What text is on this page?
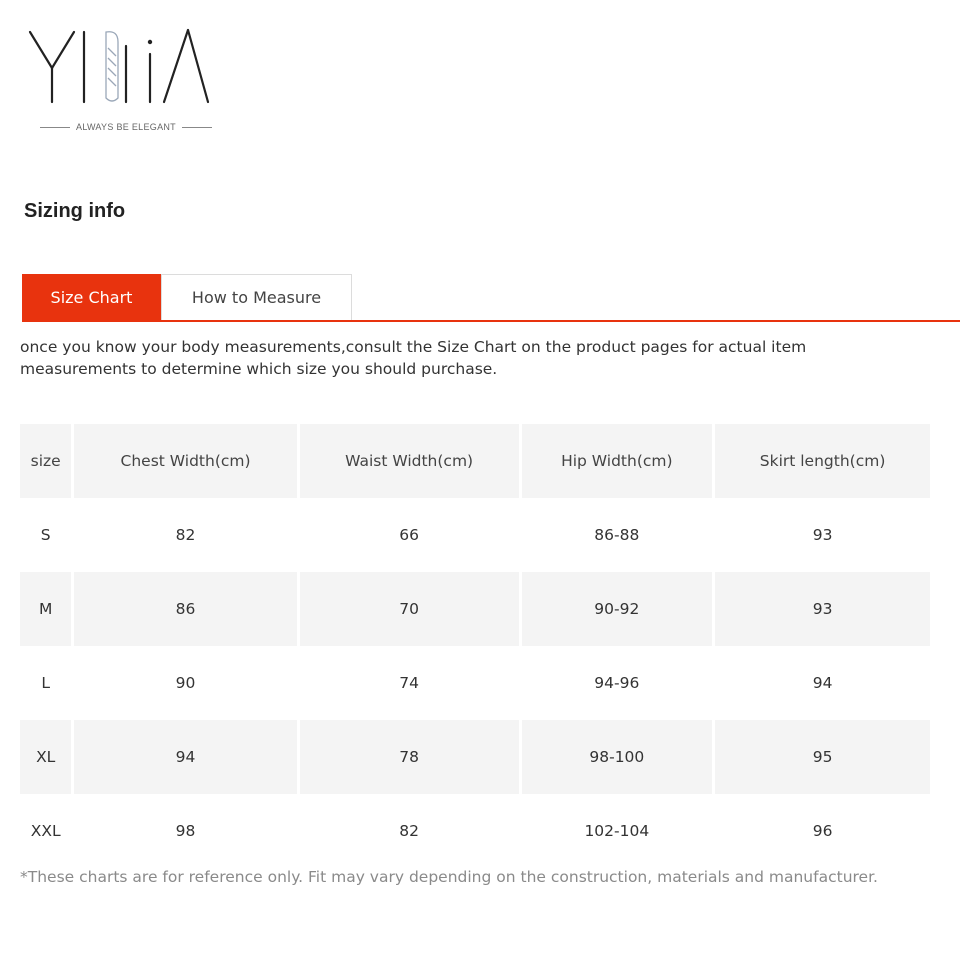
ALWAYS BE ELEGANT
Sizing info
Size Chart	How to Measure

once you know your body measurements,consult the Size Chart on the product pages for actual item measurements to determine which size you should purchase.

size	Chest Width(cm)	Waist Width(cm)	Hip Width(cm)	Skirt length(cm)
S	82	66	86-88	93
M	86	70	90-92	93
L	90	74	94-96	94
XL	94	78	98-100	95
XXL	98	82	102-104	96

*These charts are for reference only. Fit may vary depending on the construction, materials and manufacturer.
